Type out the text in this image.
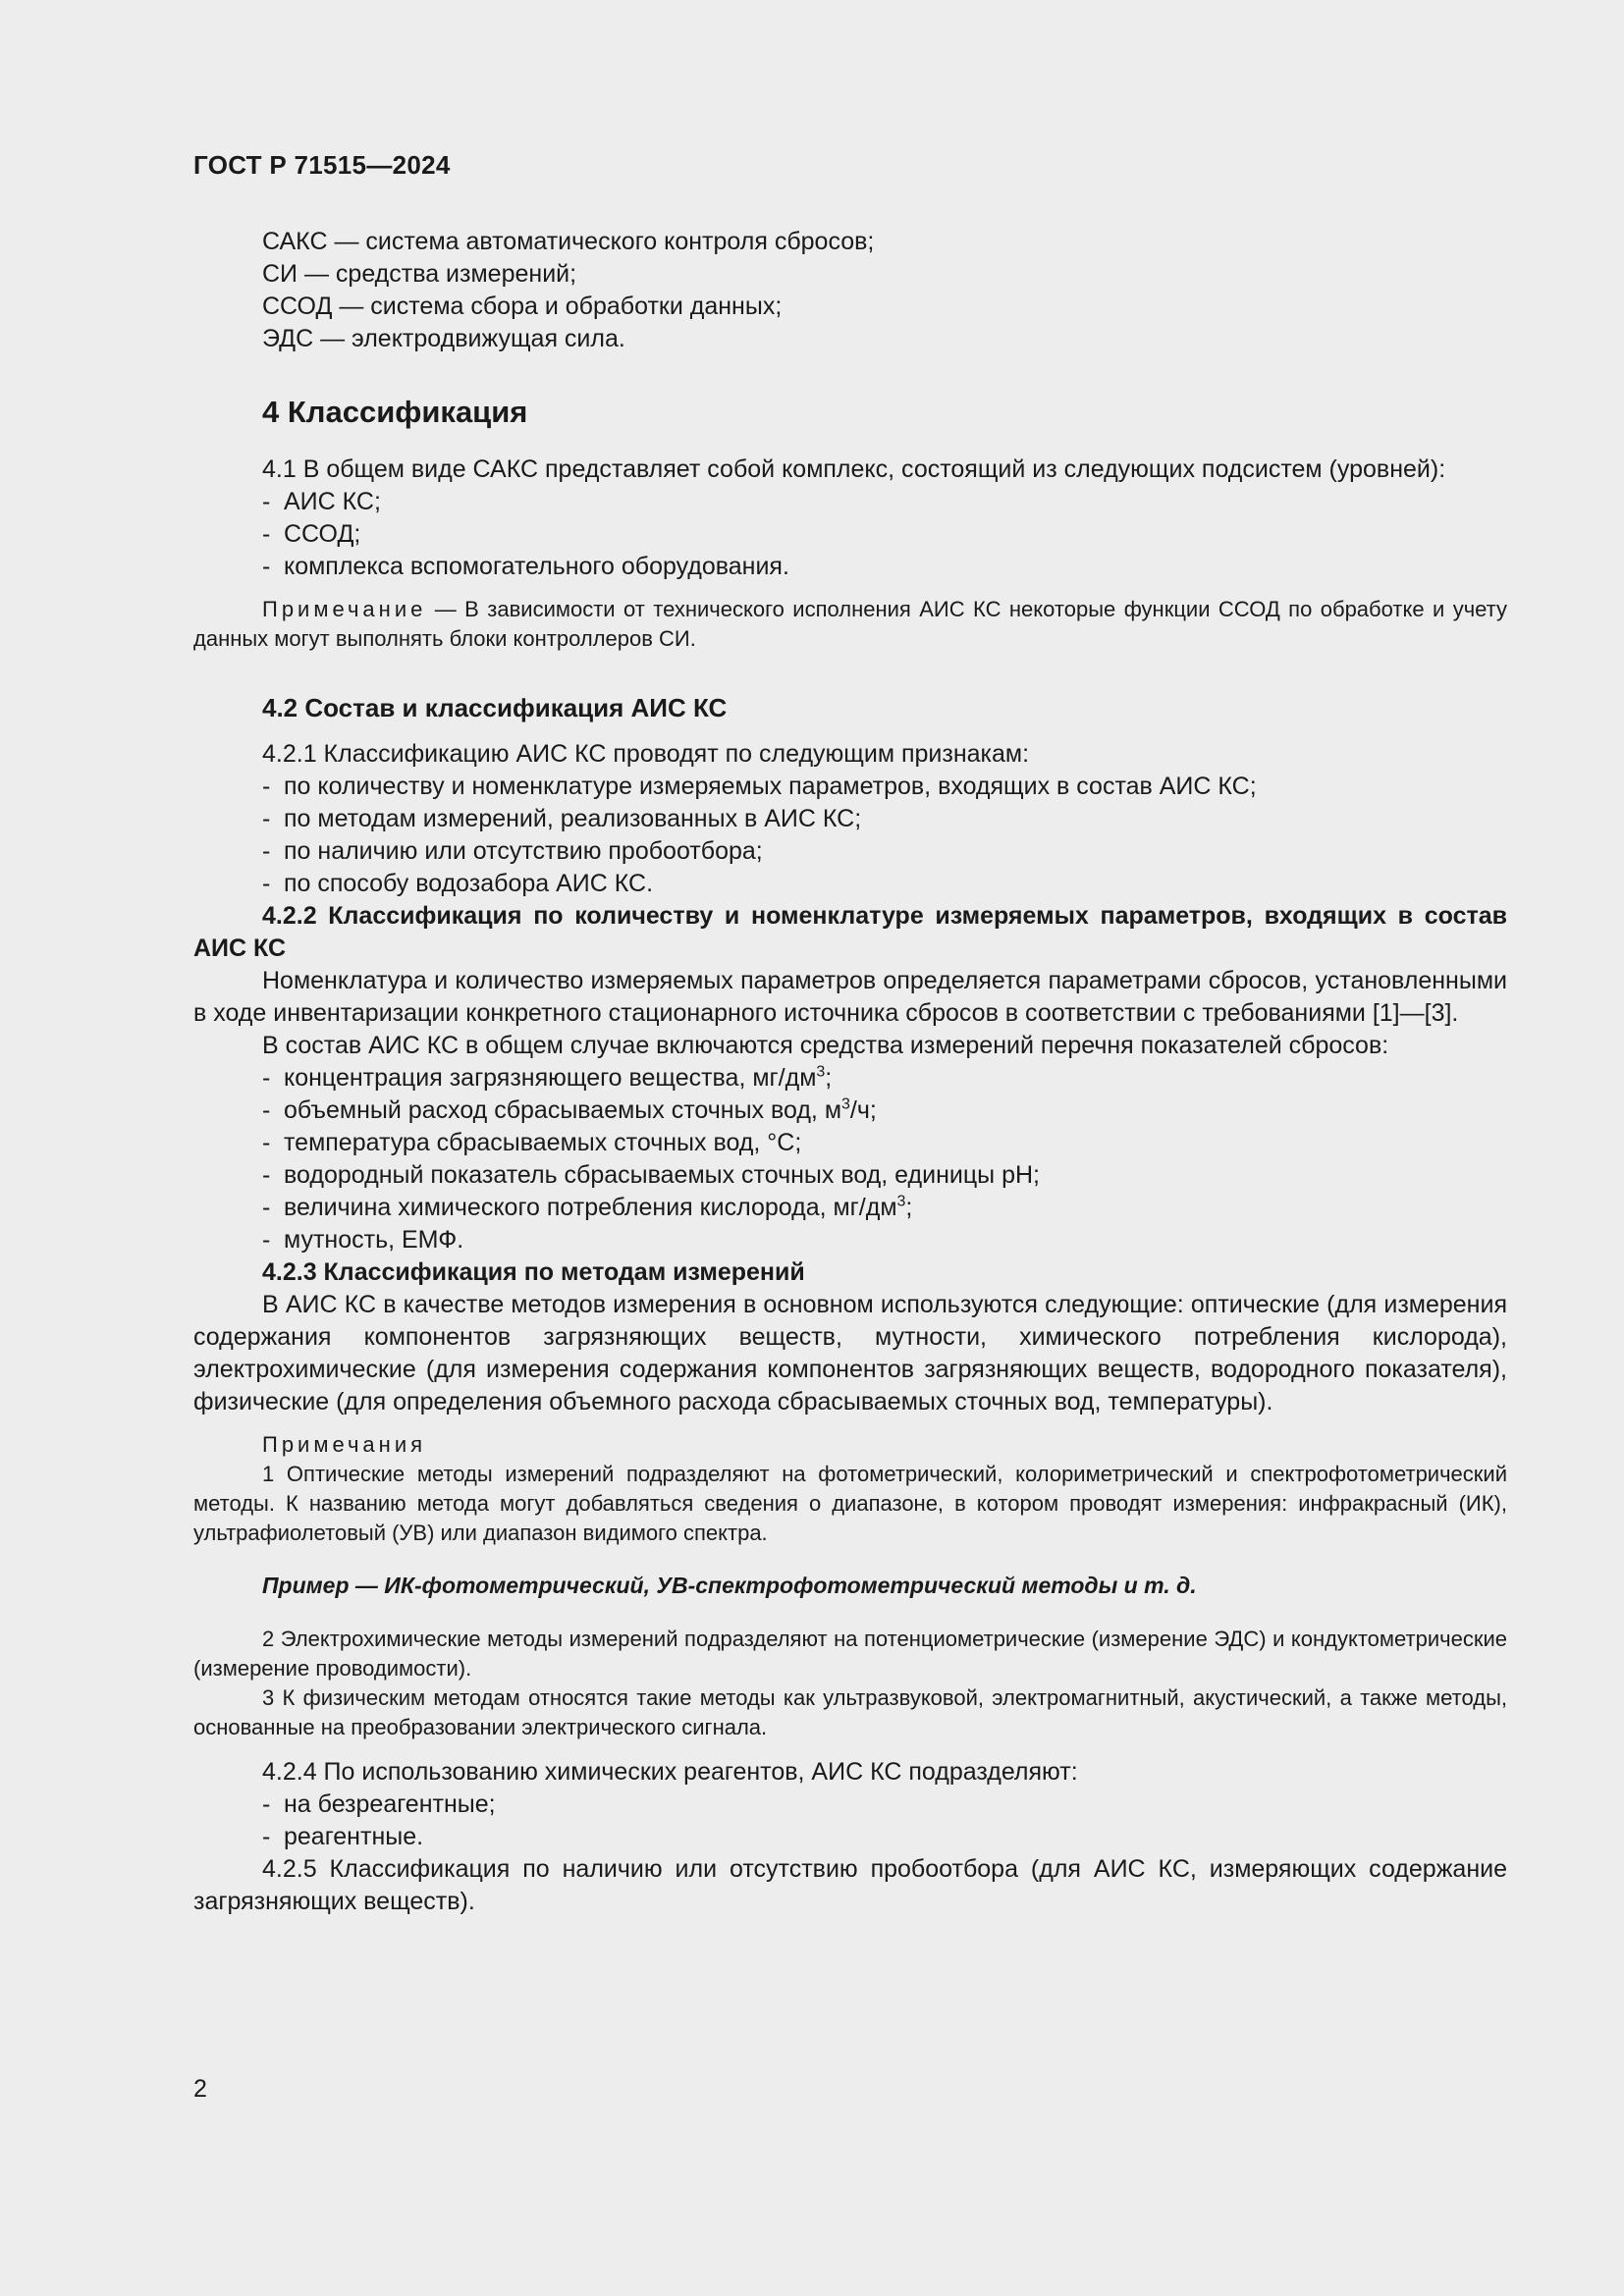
ГОСТ Р 71515—2024

САКС — система автоматического контроля сбросов;

СИ — средства измерений;

ССОД — система сбора и обработки данных;

ЭДС — электродвижущая сила.

4 Классификация

4.1 В общем виде САКС представляет собой комплекс, состоящий из следующих подсистем (уровней):

- АИС КС;

- ССОД;

- комплекса вспомогательного оборудования.

Примечание — В зависимости от технического исполнения АИС КС некоторые функции ССОД по обработке и учету данных могут выполнять блоки контроллеров СИ.

4.2 Состав и классификация АИС КС

4.2.1 Классификацию АИС КС проводят по следующим признакам:

- по количеству и номенклатуре измеряемых параметров, входящих в состав АИС КС;

- по методам измерений, реализованных в АИС КС;

- по наличию или отсутствию пробоотбора;

- по способу водозабора АИС КС.

4.2.2 Классификация по количеству и номенклатуре измеряемых параметров, входящих в состав АИС КС

Номенклатура и количество измеряемых параметров определяется параметрами сбросов, установленными в ходе инвентаризации конкретного стационарного источника сбросов в соответствии с требованиями [1]—[3].

В состав АИС КС в общем случае включаются средства измерений перечня показателей сбросов:

- концентрация загрязняющего вещества, $мг/дм^3$;

- объемный расход сбрасываемых сточных вод, $м^3/ч$;

- температура сбрасываемых сточных вод, °С;

- водородный показатель сбрасываемых сточных вод, единицы рН;

- величина химического потребления кислорода, $мг/дм^3$;

- мутность, ЕМФ.

4.2.3 Классификация по методам измерений

В АИС КС в качестве методов измерения в основном используются следующие: оптические (для измерения содержания компонентов загрязняющих веществ, мутности, химического потребления кислорода), электрохимические (для измерения содержания компонентов загрязняющих веществ, водородного показателя), физические (для определения объемного расхода сбрасываемых сточных вод, температуры).

Примечания

1 Оптические методы измерений подразделяют на фотометрический, колориметрический и спектрофотометрический методы. К названию метода могут добавляться сведения о диапазоне, в котором проводят измерения: инфракрасный (ИК), ультрафиолетовый (УВ) или диапазон видимого спектра.

Пример — ИК-фотометрический, УВ-спектрофотометрический методы и т. д.

2 Электрохимические методы измерений подразделяют на потенциометрические (измерение ЭДС) и кондуктометрические (измерение проводимости).

3 К физическим методам относятся такие методы как ультразвуковой, электромагнитный, акустический, а также методы, основанные на преобразовании электрического сигнала.

4.2.4 По использованию химических реагентов, АИС КС подразделяют:

- на безреагентные;

- реагентные.

4.2.5 Классификация по наличию или отсутствию пробоотбора (для АИС КС, измеряющих содержание загрязняющих веществ).

2
